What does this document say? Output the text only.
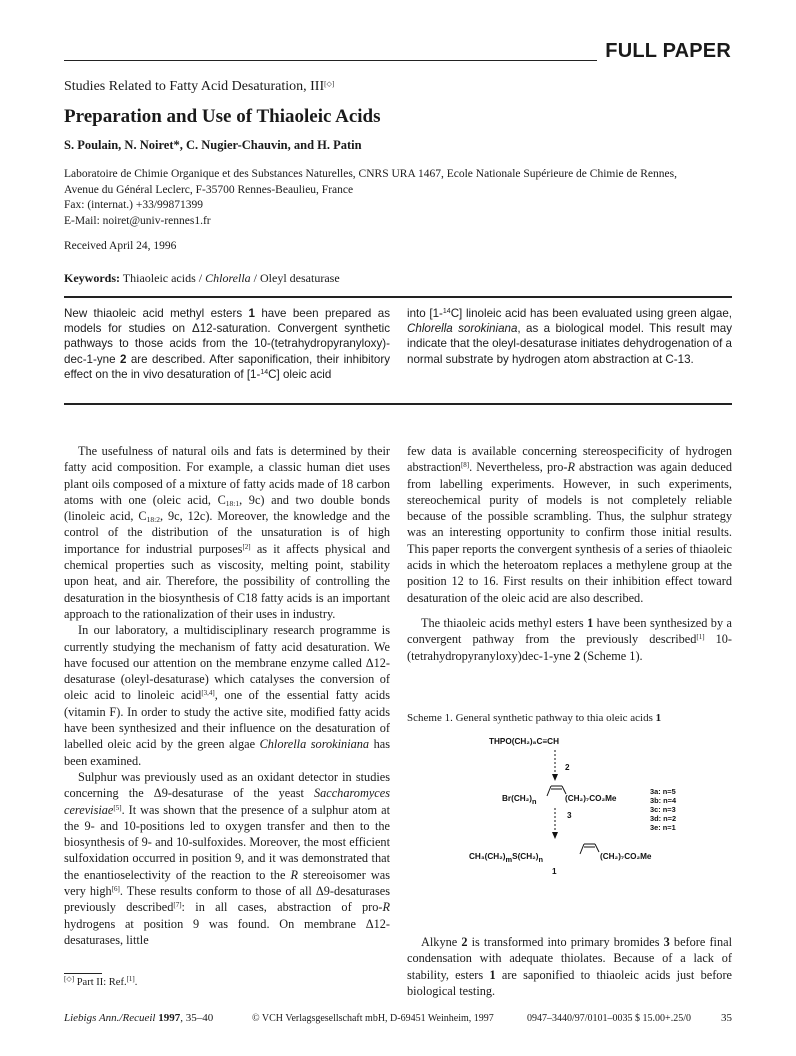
FULL PAPER
Studies Related to Fatty Acid Desaturation, III[◇]
Preparation and Use of Thiaoleic Acids
S. Poulain, N. Noiret*, C. Nugier-Chauvin, and H. Patin
Laboratoire de Chimie Organique et des Substances Naturelles, CNRS URA 1467, Ecole Nationale Supérieure de Chimie de Rennes,
Avenue du Général Leclerc, F-35700 Rennes-Beaulieu, France
Fax: (internat.) +33/99871399
E-Mail: noiret@univ-rennes1.fr
Received April 24, 1996
Keywords: Thiaoleic acids / Chlorella / Oleyl desaturase
New thiaoleic acid methyl esters 1 have been prepared as models for studies on Δ12-saturation. Convergent synthetic pathways to those acids from the 10-(tetrahydropyranyloxy)-dec-1-yne 2 are described. After saponification, their inhibitory effect on the in vivo desaturation of [1-$^{14}$C] oleic acid
into [1-$^{14}$C] linoleic acid has been evaluated using green algae, Chlorella sorokiniana, as a biological model. This result may indicate that the oleyl-desaturase initiates dehydrogenation of a normal substrate by hydrogen atom abstraction at C-13.

The usefulness of natural oils and fats is determined by their fatty acid composition. For example, a classic human diet uses plant oils composed of a mixture of fatty acids made of 18 carbon atoms with one (oleic acid, $C_{18:1}$, 9c) and two double bonds (linoleic acid, $C_{18:2}$, 9c, 12c). Moreover, the knowledge and the control of the distribution of the unsaturation is of high importance for industrial purposes[2] as it affects physical and chemical properties such as viscosity, melting point, stability upon heat, and air. Therefore, the possibility of controlling the desaturation in the biosynthesis of C18 fatty acids is an important approach to the rationalization of their uses in industry.

In our laboratory, a multidisciplinary research programme is currently studying the mechanism of fatty acid desaturation. We have focused our attention on the membrane enzyme called Δ12-desaturase (oleyl-desaturase) which catalyses the conversion of oleic acid to linoleic acid[3,4], one of the essential fatty acids (vitamin F). In order to study the active site, modified fatty acids have been synthesized and their influence on the desaturation of labelled oleic acid by the green algae Chlorella sorokiniana has been examined.

Sulphur was previously used as an oxidant detector in studies concerning the Δ9-desaturase of the yeast Saccharomyces cerevisiae[5]. It was shown that the presence of a sulphur atom at the 9- and 10-positions led to oxygen transfer and then to the biosynthesis of 9- and 10-sulfoxides. Moreover, the most efficient sulfoxidation occurred in position 9, and it was demonstrated that the enantioselectivity of the reaction to the R stereoisomer was very high[6]. These results conform to those of all Δ9-desaturases previously described[7]: in all cases, abstraction of pro-R hydrogens at position 9 was found. On membrane Δ12-desaturases, little

few data is available concerning stereospecificity of hydrogen abstraction[8]. Nevertheless, pro-R abstraction was again deduced from labelling experiments. However, in such experiments, stereochemical purity of models is not completely reliable because of the possible scrambling. Thus, the sulphur strategy was an interesting opportunity to confirm those initial results. This paper reports the convergent synthesis of a series of thiaoleic acids in which the heteroatom replaces a methylene group at the position 12 to 16. First results on their inhibition effect toward desaturation of the oleic acid are also described.

The thiaoleic acids methyl esters 1 have been synthesized by a convergent pathway from the previously described[1] 10-(tetrahydropyranyloxy)dec-1-yne 2 (Scheme 1).

Scheme 1. General synthetic pathway to thia oleic acids 1
THPO(CH₂)₈C≡CH
2
Br(CH₂)n	(CH₂)₇CO₂Me
3a: n=5
3b: n=4
3c: n=3
3d: n=2
3e: n=1
3
CH₃(CH₂)mS(CH₂)n	(CH₂)₇CO₂Me
1

Alkyne 2 is transformed into primary bromides 3 before final condensation with adequate thiolates. Because of a lack of stability, esters 1 are saponified to thiaoleic acids just before biological testing.

[◇] Part II: Ref.[1].
Liebigs Ann./Recueil 1997, 35–40	© VCH Verlagsgesellschaft mbH, D-69451 Weinheim, 1997	0947–3440/97/0101–0035 $ 15.00+.25/0	35
